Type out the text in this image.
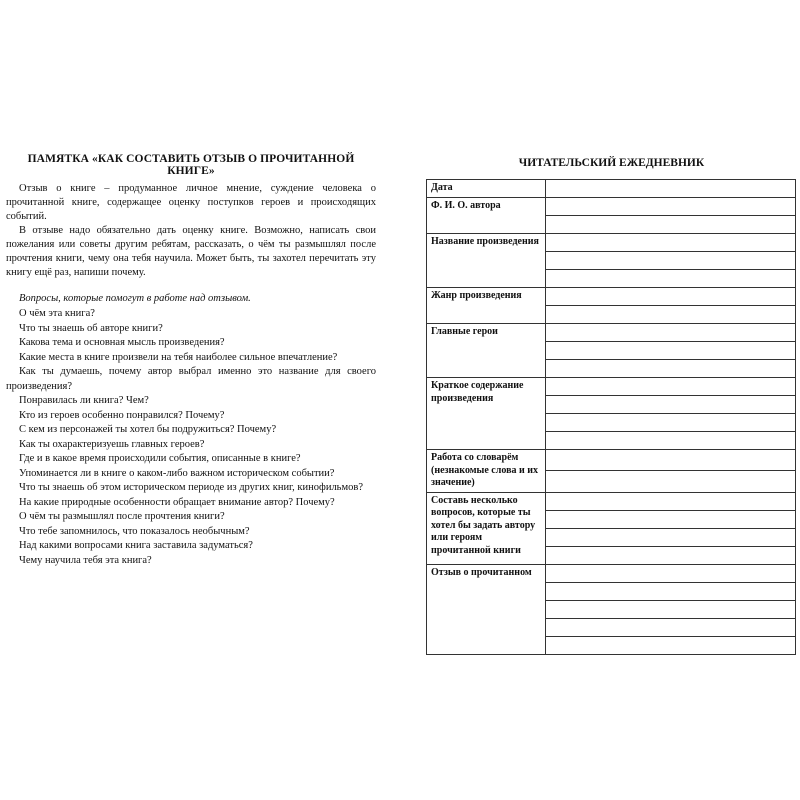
ПАМЯТКА «КАК СОСТАВИТЬ ОТЗЫВ О ПРОЧИТАННОЙ КНИГЕ»

Отзыв о книге – продуманное личное мнение, суждение человека о прочитанной книге, содержащее оценку поступков героев и происходящих событий.

В отзыве надо обязательно дать оценку книге. Возможно, написать свои пожелания или советы другим ребятам, рассказать, о чём ты размышлял после прочтения книги, чему она тебя научила. Может быть, ты захотел перечитать эту книгу ещё раз, напиши почему.

Вопросы, которые помогут в работе над отзывом.

О чём эта книга?

Что ты знаешь об авторе книги?

Какова тема и основная мысль произведения?

Какие места в книге произвели на тебя наиболее сильное впечатление?

Как ты думаешь, почему автор выбрал именно это название для своего произведения?

Понравилась ли книга? Чем?

Кто из героев особенно понравился? Почему?

С кем из персонажей ты хотел бы подружиться? Почему?

Как ты охарактеризуешь главных героев?

Где и в какое время происходили события, описанные в книге?

Упоминается ли в книге о каком-либо важном историческом событии?

Что ты знаешь об этом историческом периоде из других книг, кинофильмов?

На какие природные особенности обращает внимание автор? Почему?

О чём ты размышлял после прочтения книги?

Что тебе запомнилось, что показалось необычным?

Над какими вопросами книга заставила задуматься?

Чему научила тебя эта книга?

ЧИТАТЕЛЬСКИЙ ЕЖЕДНЕВНИК
Дата	
Ф. И. О. автора	

Название произведения	

Жанр произведения	

Главные герои	

Краткое содержание произведения	

Работа со словарём (незнакомые слова и их значение)	

Составь несколько вопросов, которые ты хотел бы задать автору или героям прочитанной книги	

Отзыв о прочитанном	
